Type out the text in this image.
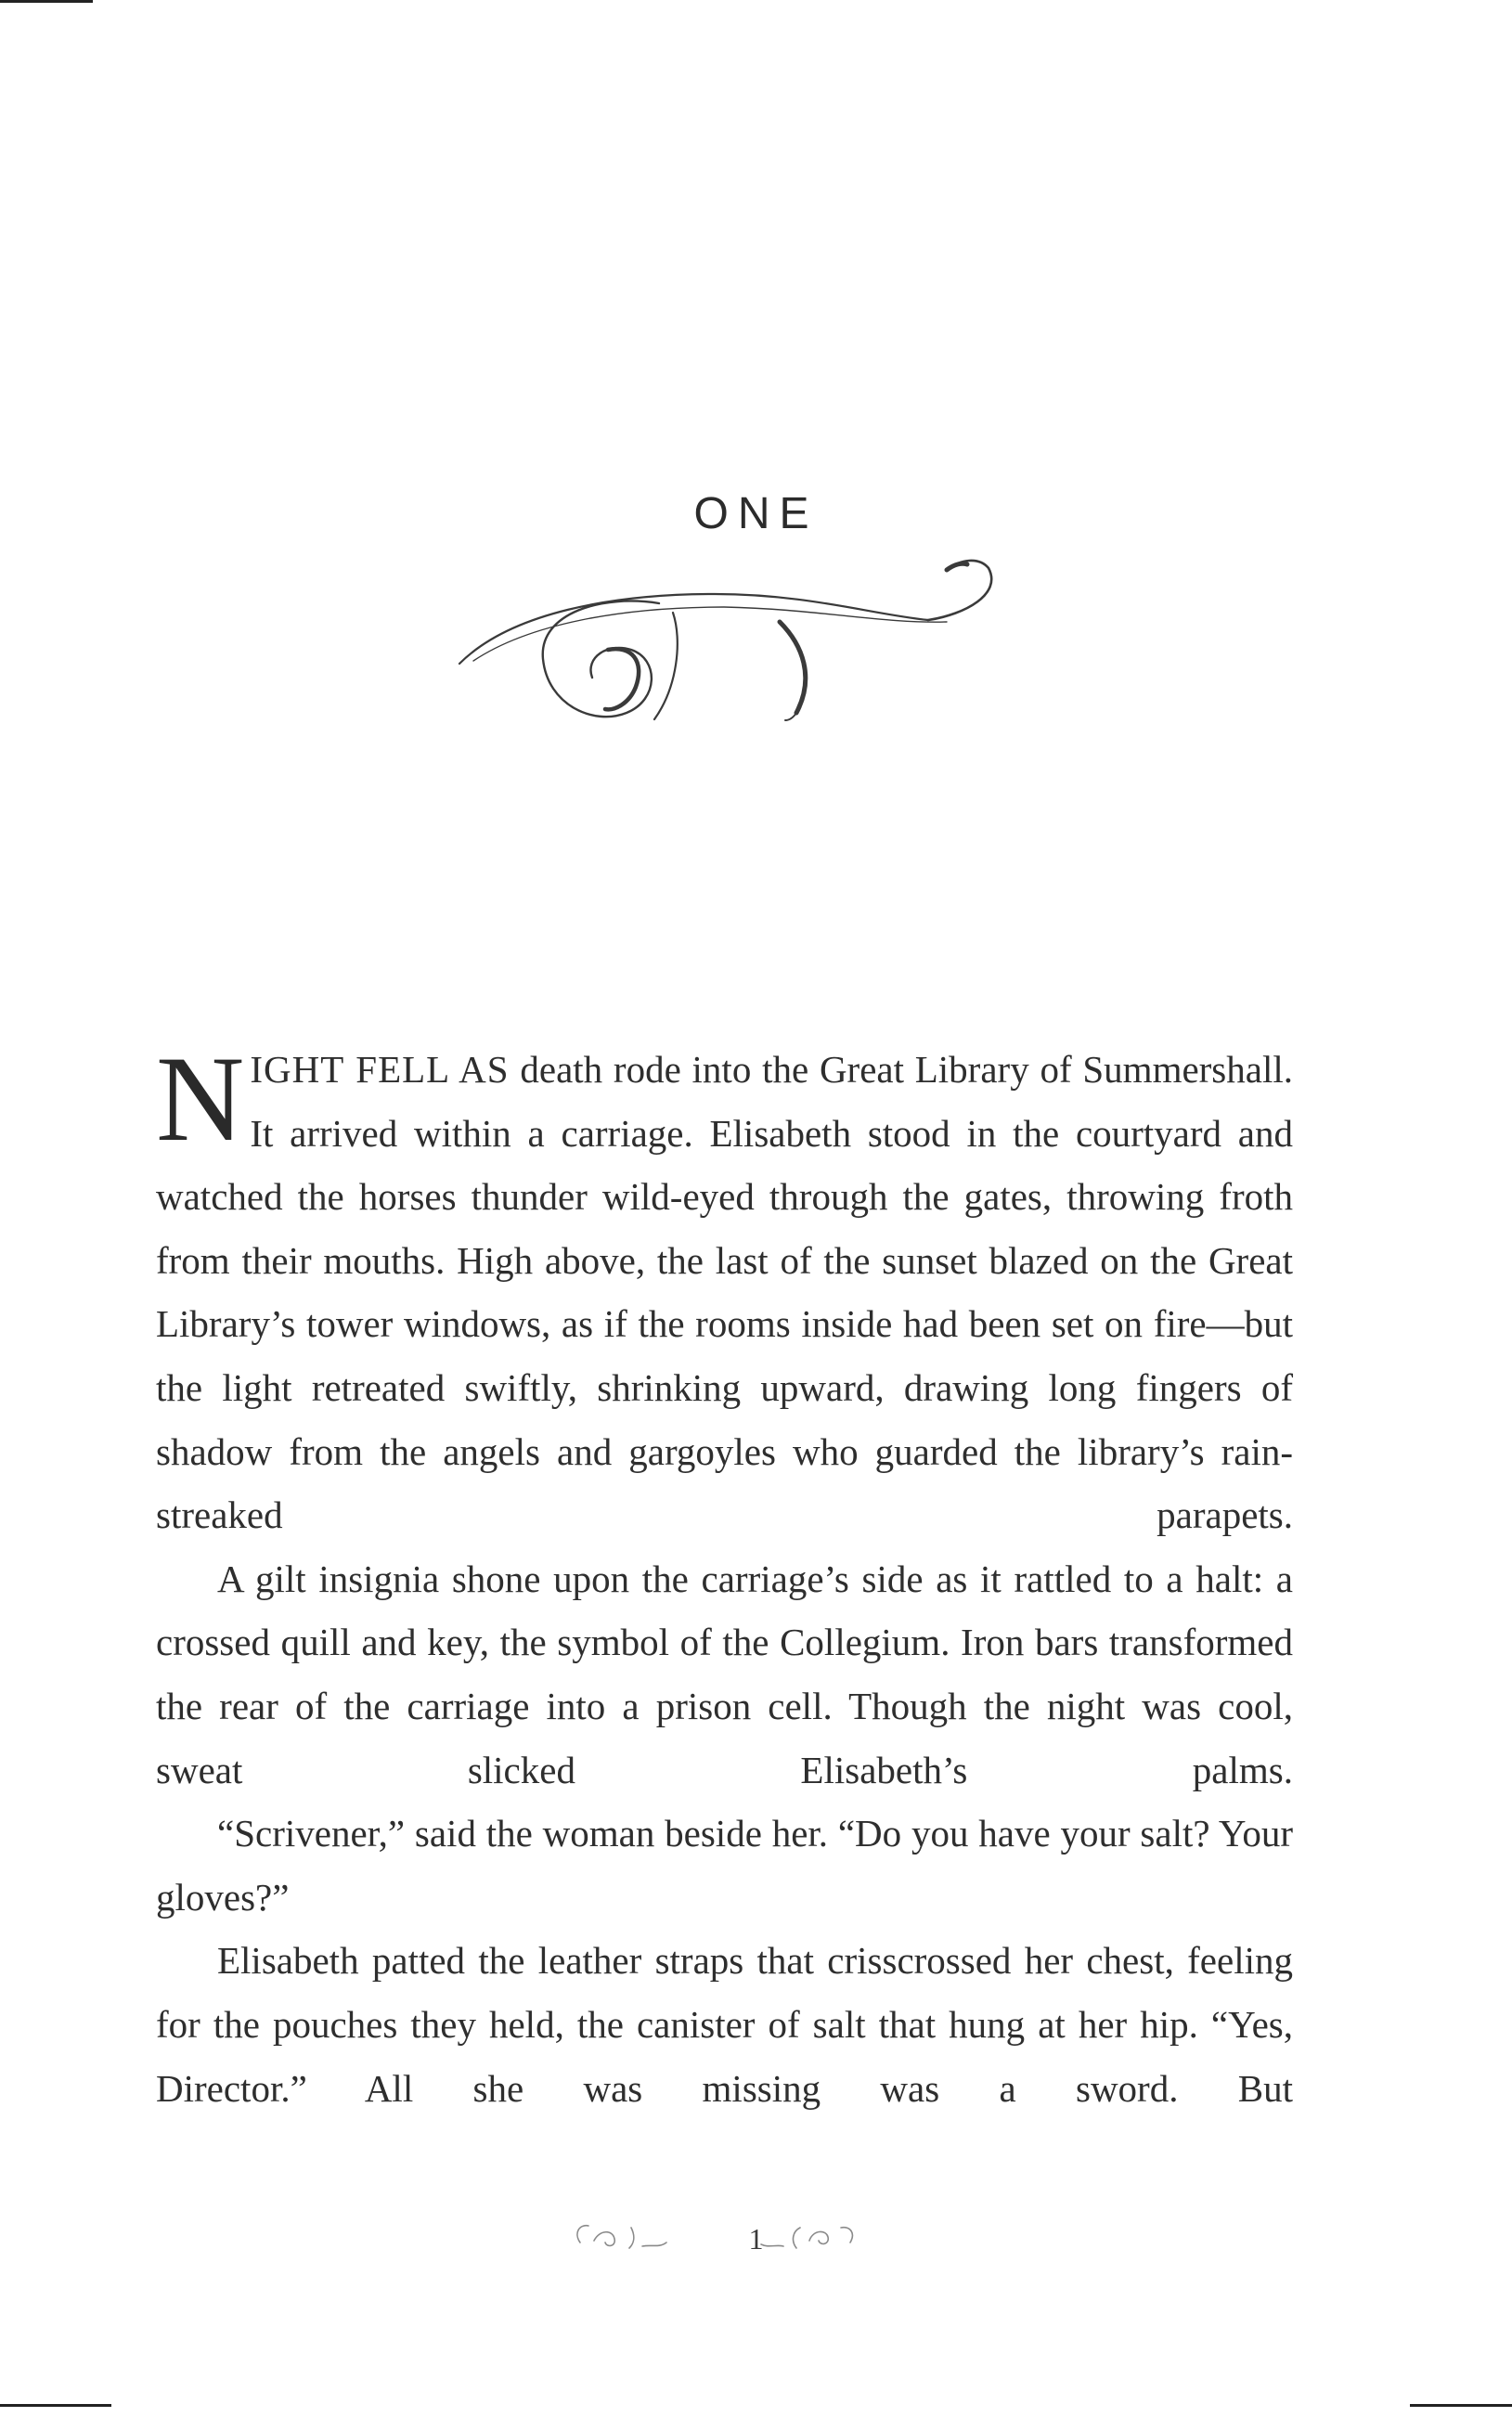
ONE

NIGHT FELL AS death rode into the Great Library of Summershall. It arrived within a carriage. Elisabeth stood in the courtyard and watched the horses thunder wild-eyed through the gates, throwing froth from their mouths. High above, the last of the sunset blazed on the Great Library’s tower windows, as if the rooms inside had been set on fire—but the light retreated swiftly, shrinking upward, drawing long fingers of shadow from the angels and gargoyles who guarded the library’s rain-streaked parapets.

A gilt insignia shone upon the carriage’s side as it rattled to a halt: a crossed quill and key, the symbol of the Collegium. Iron bars transformed the rear of the carriage into a prison cell. Though the night was cool, sweat slicked Elisabeth’s palms.

“Scrivener,” said the woman beside her. “Do you have your salt? Your gloves?”

Elisabeth patted the leather straps that crisscrossed her chest, feeling for the pouches they held, the canister of salt that hung at her hip. “Yes, Director.” All she was missing was a sword. But

1
